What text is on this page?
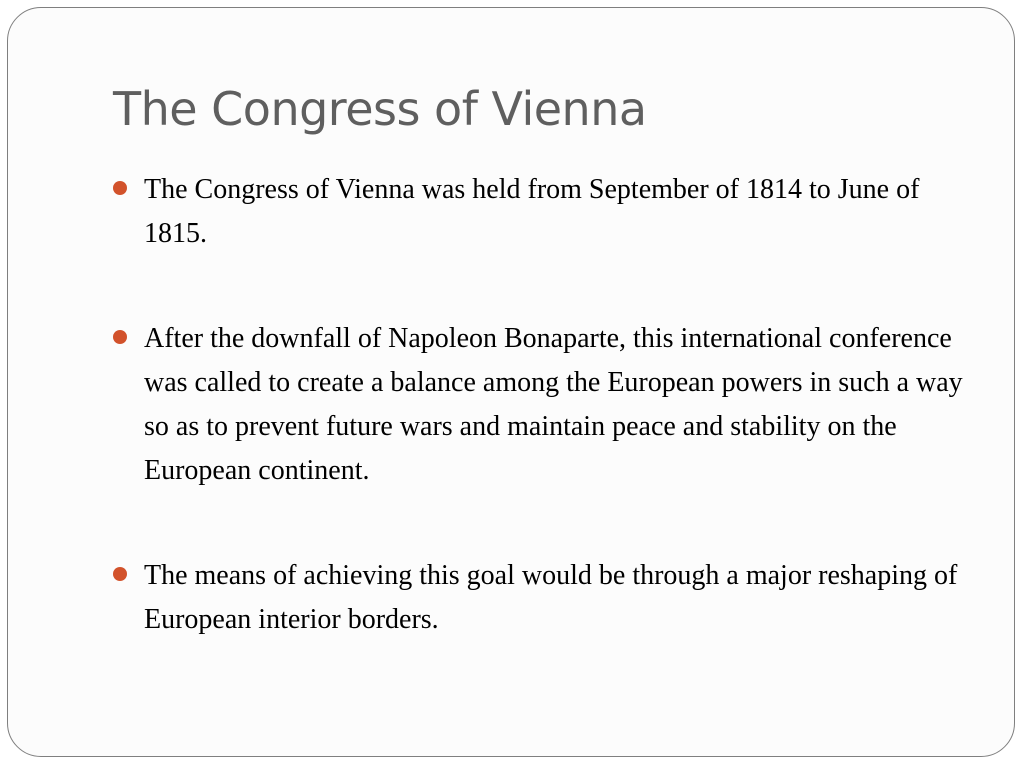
The Congress of Vienna
The Congress of Vienna was held from September of 1814 to June of 1815.
After the downfall of Napoleon Bonaparte, this international conference was called to create a balance among the European powers in such a way so as to prevent future wars and maintain peace and stability on the European continent.
The means of achieving this goal would be through a major reshaping of European interior borders.
